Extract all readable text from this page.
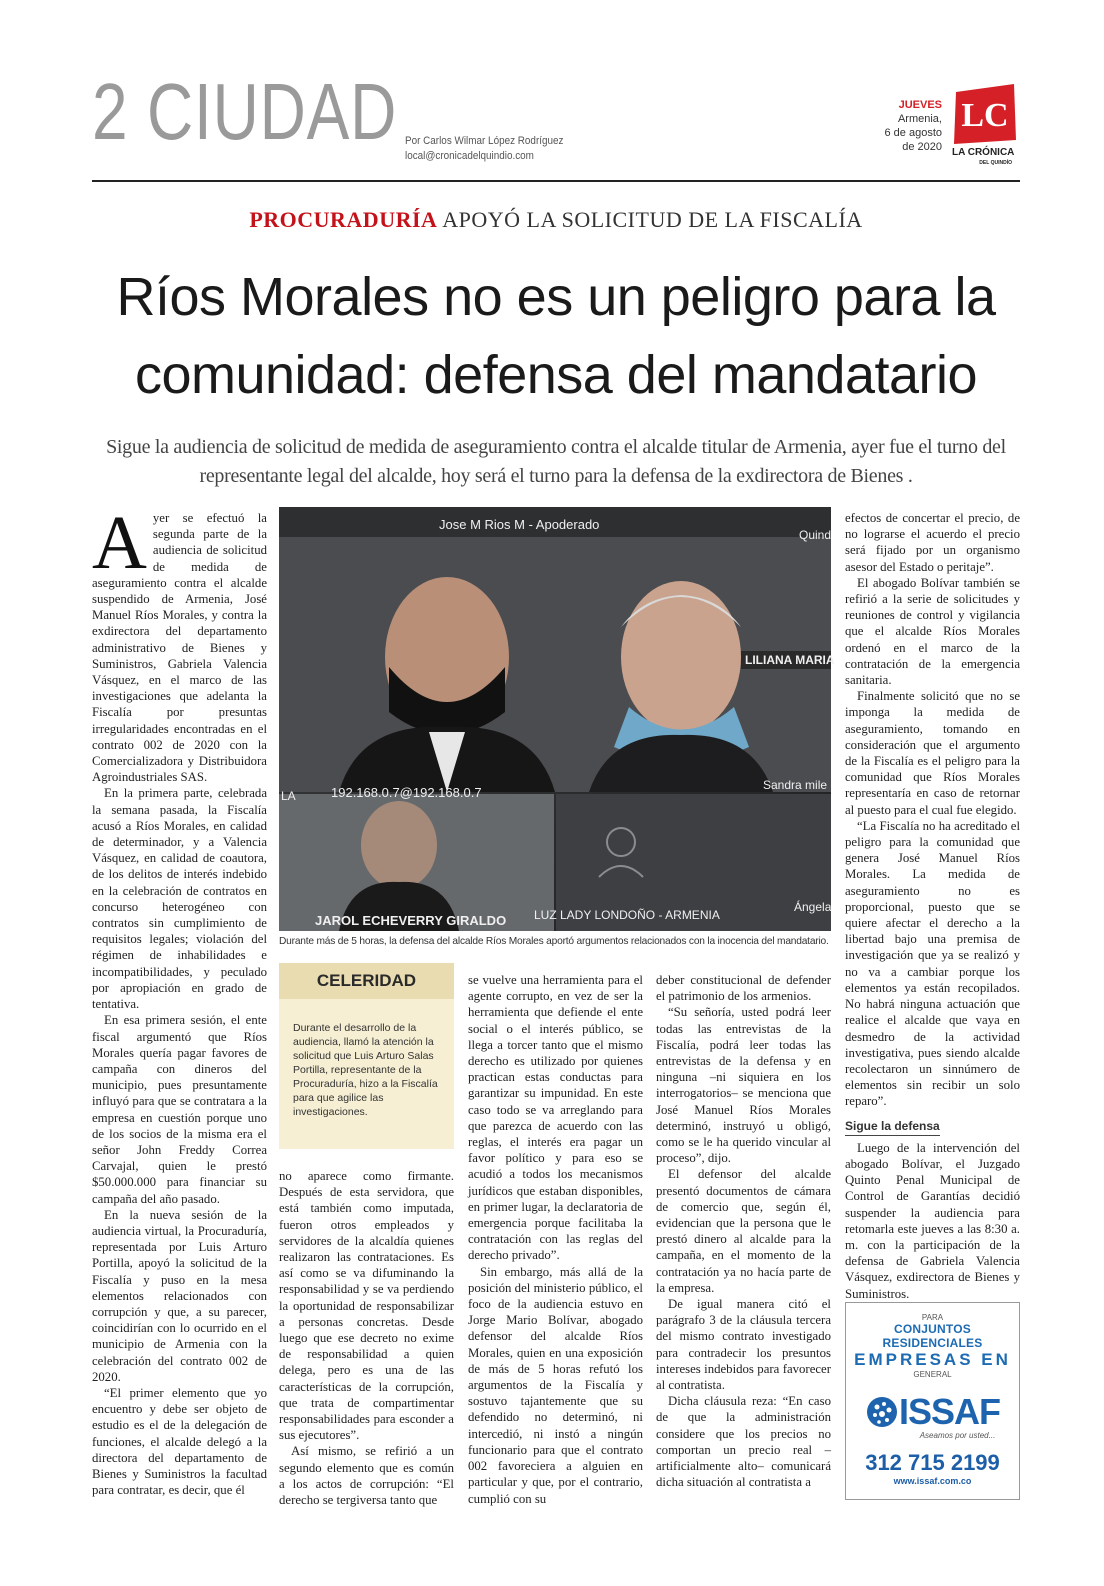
2 CIUDAD Por Carlos Wilmar López Rodríguez
local@cronicadelquindio.com
JUEVES
Armenia,
6 de agosto
de 2020
LC
LA CRÓNICA
DEL QUINDÍO
PROCURADURÍA APOYÓ LA SOLICITUD DE LA FISCALÍA
Ríos Morales no es un peligro para la
comunidad: defensa del mandatario
Sigue la audiencia de solicitud de medida de aseguramiento contra el alcalde titular de Armenia, ayer fue el turno del representante legal del alcalde, hoy será el turno para la defensa de la exdirectora de Bienes .

Ayer se efectuó la segunda parte de la audiencia de solicitud de medida de aseguramiento contra el alcalde suspendido de Armenia, José Manuel Ríos Morales, y contra la exdirectora del departamento administrativo de Bienes y Suministros, Gabriela Valencia Vásquez, en el marco de las investigaciones que adelanta la Fiscalía por presuntas irregularidades encontradas en el contrato 002 de 2020 con la Comercializadora y Distribuidora Agroindustriales SAS.

En la primera parte, celebrada la semana pasada, la Fiscalía acusó a Ríos Morales, en calidad de determinador, y a Valencia Vásquez, en calidad de coautora, de los delitos de interés indebido en la celebración de contratos en concurso heterogéneo con contratos sin cumplimiento de requisitos legales; violación del régimen de inhabilidades e incompatibilidades, y peculado por apropiación en grado de tentativa.

En esa primera sesión, el ente fiscal argumentó que Ríos Morales quería pagar favores de campaña con dineros del municipio, pues presuntamente influyó para que se contratara a la empresa en cuestión porque uno de los socios de la misma era el señor John Freddy Correa Carvajal, quien le prestó $50.000.000 para financiar su campaña del año pasado.

En la nueva sesión de la audiencia virtual, la Procuraduría, representada por Luis Arturo Portilla, apoyó la solicitud de la Fiscalía y puso en la mesa elementos relacionados con corrupción y que, a su parecer, coincidirían con lo ocurrido en el municipio de Armenia con la celebración del contrato 002 de 2020.

“El primer elemento que yo encuentro y debe ser objeto de estudio es el de la delegación de funciones, el alcalde delegó a la directora del departamento de Bienes y Suministros la facultad para contratar, es decir, que él

Jose M Rios M - Apoderado
Quind
LILIANA MARIA
LA	192.168.0.7@192.168.0.7	Sandra mile
JAROL ECHEVERRY GIRALDO LUZ LADY LONDOÑO - ARMENIA
Ángela
Durante más de 5 horas, la defensa del alcalde Ríos Morales aportó argumentos relacionados con la inocencia del mandatario.
CELERIDAD
Durante el desarrollo de la audiencia, llamó la atención la solicitud que Luis Arturo Salas Portilla, representante de la Procuraduría, hizo a la Fiscalía para que agilice las investigaciones.

no aparece como firmante. Después de esta servidora, que está también como imputada, fueron otros empleados y servidores de la alcaldía quienes realizaron las contrataciones. Es así como se va difuminando la responsabilidad y se va perdiendo la oportunidad de responsabilizar a personas concretas. Desde luego que ese decreto no exime de responsabilidad a quien delega, pero es una de las características de la corrupción, que trata de compartimentar responsabilidades para esconder a sus ejecutores”.

Así mismo, se refirió a un segundo elemento que es común a los actos de corrupción: “El derecho se tergiversa tanto que

se vuelve una herramienta para el agente corrupto, en vez de ser la herramienta que defiende el ente social o el interés público, se llega a torcer tanto que el mismo derecho es utilizado por quienes practican estas conductas para garantizar su impunidad. En este caso todo se va arreglando para que parezca de acuerdo con las reglas, el interés era pagar un favor político y para eso se acudió a todos los mecanismos jurídicos que estaban disponibles, en primer lugar, la declaratoria de emergencia porque facilitaba la contratación con las reglas del derecho privado”.

Sin embargo, más allá de la posición del ministerio público, el foco de la audiencia estuvo en Jorge Mario Bolívar, abogado defensor del alcalde Ríos Morales, quien en una exposición de más de 5 horas refutó los argumentos de la Fiscalía y sostuvo tajantemente que su defendido no determinó, ni intercedió, ni instó a ningún funcionario para que el contrato 002 favoreciera a alguien en particular y que, por el contrario, cumplió con su

deber constitucional de defender el patrimonio de los armenios.

“Su señoría, usted podrá leer todas las entrevistas de la Fiscalía, podrá leer todas las entrevistas de la defensa y en ninguna –ni siquiera en los interrogatorios– se menciona que José Manuel Ríos Morales determinó, instruyó u obligó, como se le ha querido vincular al proceso”, dijo.

El defensor del alcalde presentó documentos de cámara de comercio que, según él, evidencian que la persona que le prestó dinero al alcalde para la campaña, en el momento de la contratación ya no hacía parte de la empresa.

De igual manera citó el parágrafo 3 de la cláusula tercera del mismo contrato investigado para contradecir los presuntos intereses indebidos para favorecer al contratista.

Dicha cláusula reza: “En caso de que la administración considere que los precios no comportan un precio real –artificialmente alto– comunicará dicha situación al contratista a

efectos de concertar el precio, de no lograrse el acuerdo el precio será fijado por un organismo asesor del Estado o peritaje”.

El abogado Bolívar también se refirió a la serie de solicitudes y reuniones de control y vigilancia que el alcalde Ríos Morales ordenó en el marco de la contratación de la emergencia sanitaria.

Finalmente solicitó que no se imponga la medida de aseguramiento, tomando en consideración que el argumento de la Fiscalía es el peligro para la comunidad que Ríos Morales representaría en caso de retornar al puesto para el cual fue elegido.

“La Fiscalía no ha acreditado el peligro para la comunidad que genera José Manuel Ríos Morales. La medida de aseguramiento no es proporcional, puesto que se quiere afectar el derecho a la libertad bajo una premisa de investigación que ya se realizó y no va a cambiar porque los elementos ya están recopilados. No habrá ninguna actuación que realice el alcalde que vaya en desmedro de la actividad investigativa, pues siendo alcalde recolectaron un sinnúmero de elementos sin recibir un solo reparo”.

Sigue la defensa

Luego de la intervención del abogado Bolívar, el Juzgado Quinto Penal Municipal de Control de Garantías decidió suspender la audiencia para retomarla este jueves a las 8:30 a. m. con la participación de la defensa de Gabriela Valencia Vásquez, exdirectora de Bienes y Suministros.

PARA
CONJUNTOS RESIDENCIALES
EMPRESAS EN
GENERAL
ISSAF
Aseamos por usted...
312 715 2199
www.issaf.com.co
